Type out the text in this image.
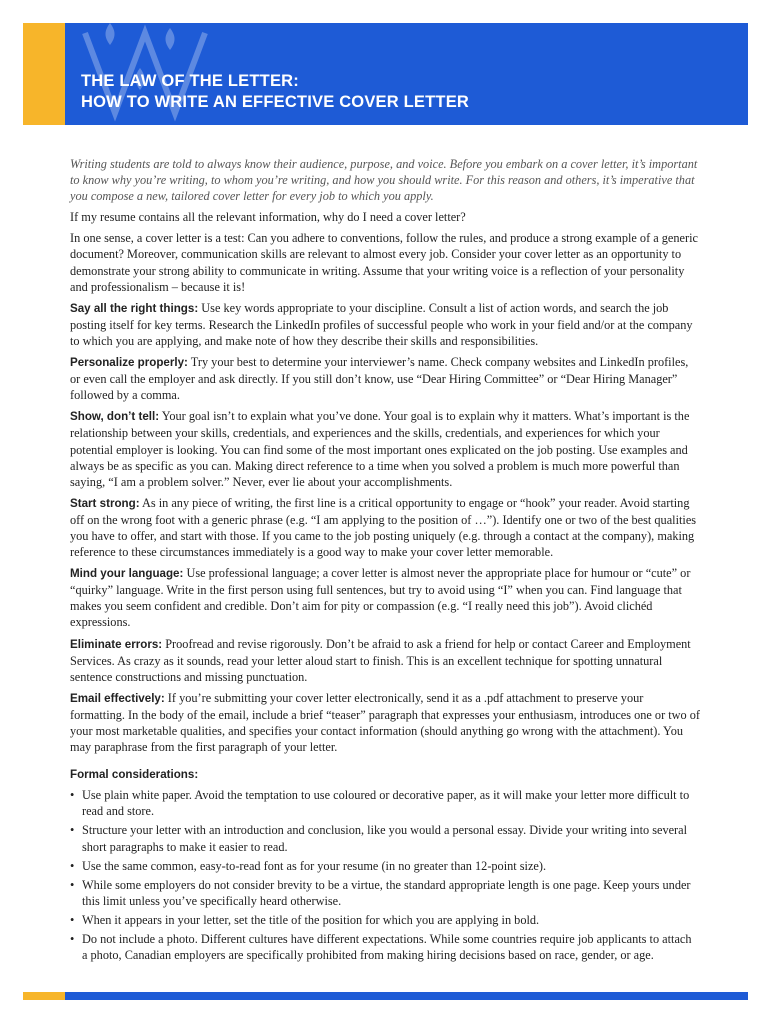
THE LAW OF THE LETTER:
HOW TO WRITE AN EFFECTIVE COVER LETTER

Writing students are told to always know their audience, purpose, and voice. Before you embark on a cover letter, it’s important to know why you’re writing, to whom you’re writing, and how you should write. For this reason and others, it’s imperative that you compose a new, tailored cover letter for every job to which you apply.

If my resume contains all the relevant information, why do I need a cover letter?

In one sense, a cover letter is a test: Can you adhere to conventions, follow the rules, and produce a strong example of a generic document? Moreover, communication skills are relevant to almost every job. Consider your cover letter as an opportunity to demonstrate your strong ability to communicate in writing. Assume that your writing voice is a reflection of your personality and professionalism – because it is!

Say all the right things: Use key words appropriate to your discipline. Consult a list of action words, and search the job posting itself for key terms. Research the LinkedIn profiles of successful people who work in your field and/or at the company to which you are applying, and make note of how they describe their skills and responsibilities.

Personalize properly: Try your best to determine your interviewer’s name. Check company websites and LinkedIn profiles, or even call the employer and ask directly. If you still don’t know, use “Dear Hiring Committee” or “Dear Hiring Manager” followed by a comma.

Show, don’t tell: Your goal isn’t to explain what you’ve done. Your goal is to explain why it matters. What’s important is the relationship between your skills, credentials, and experiences and the skills, credentials, and experiences for which your potential employer is looking. You can find some of the most important ones explicated on the job posting. Use examples and always be as specific as you can. Making direct reference to a time when you solved a problem is much more powerful than saying, “I am a problem solver.” Never, ever lie about your accomplishments.

Start strong: As in any piece of writing, the first line is a critical opportunity to engage or “hook” your reader. Avoid starting off on the wrong foot with a generic phrase (e.g. “I am applying to the position of …”). Identify one or two of the best qualities you have to offer, and start with those. If you came to the job posting uniquely (e.g. through a contact at the company), making reference to these circumstances immediately is a good way to make your cover letter memorable.

Mind your language: Use professional language; a cover letter is almost never the appropriate place for humour or “cute” or “quirky” language. Write in the first person using full sentences, but try to avoid using “I” when you can. Find language that makes you seem confident and credible. Don’t aim for pity or compassion (e.g. “I really need this job”). Avoid clichéd expressions.

Eliminate errors: Proofread and revise rigorously. Don’t be afraid to ask a friend for help or contact Career and Employment Services. As crazy as it sounds, read your letter aloud start to finish. This is an excellent technique for spotting unnatural sentence constructions and missing punctuation.

Email effectively: If you’re submitting your cover letter electronically, send it as a .pdf attachment to preserve your formatting. In the body of the email, include a brief “teaser” paragraph that expresses your enthusiasm, introduces one or two of your most marketable qualities, and specifies your contact information (should anything go wrong with the attachment). You may paraphrase from the first paragraph of your letter.

Formal considerations:
• Use plain white paper. Avoid the temptation to use coloured or decorative paper, as it will make your letter more difficult to read and store.
• Structure your letter with an introduction and conclusion, like you would a personal essay. Divide your writing into several short paragraphs to make it easier to read.
• Use the same common, easy-to-read font as for your resume (in no greater than 12-point size).
• While some employers do not consider brevity to be a virtue, the standard appropriate length is one page. Keep yours under this limit unless you’ve specifically heard otherwise.
• When it appears in your letter, set the title of the position for which you are applying in bold.
• Do not include a photo. Different cultures have different expectations. While some countries require job applicants to attach a photo, Canadian employers are specifically prohibited from making hiring decisions based on race, gender, or age.
